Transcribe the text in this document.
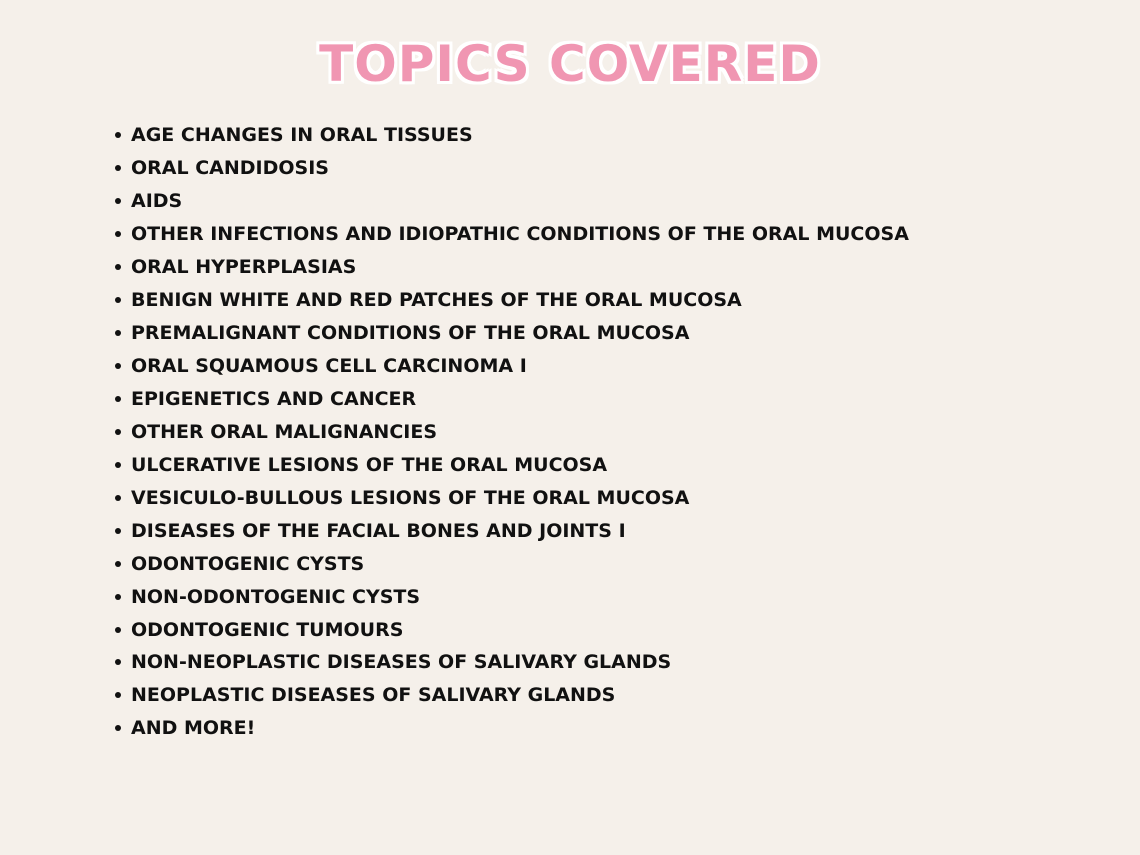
TOPICS COVERED
AGE CHANGES IN ORAL TISSUES
ORAL CANDIDOSIS
AIDS
OTHER INFECTIONS AND IDIOPATHIC CONDITIONS OF THE ORAL MUCOSA
ORAL HYPERPLASIAS
BENIGN WHITE AND RED PATCHES OF THE ORAL MUCOSA
PREMALIGNANT CONDITIONS OF THE ORAL MUCOSA
ORAL SQUAMOUS CELL CARCINOMA I
EPIGENETICS AND CANCER
OTHER ORAL MALIGNANCIES
ULCERATIVE LESIONS OF THE ORAL MUCOSA
VESICULO-BULLOUS LESIONS OF THE ORAL MUCOSA
DISEASES OF THE FACIAL BONES AND JOINTS I
ODONTOGENIC CYSTS
NON-ODONTOGENIC CYSTS
ODONTOGENIC TUMOURS
NON-NEOPLASTIC DISEASES OF SALIVARY GLANDS
NEOPLASTIC DISEASES OF SALIVARY GLANDS
AND MORE!
